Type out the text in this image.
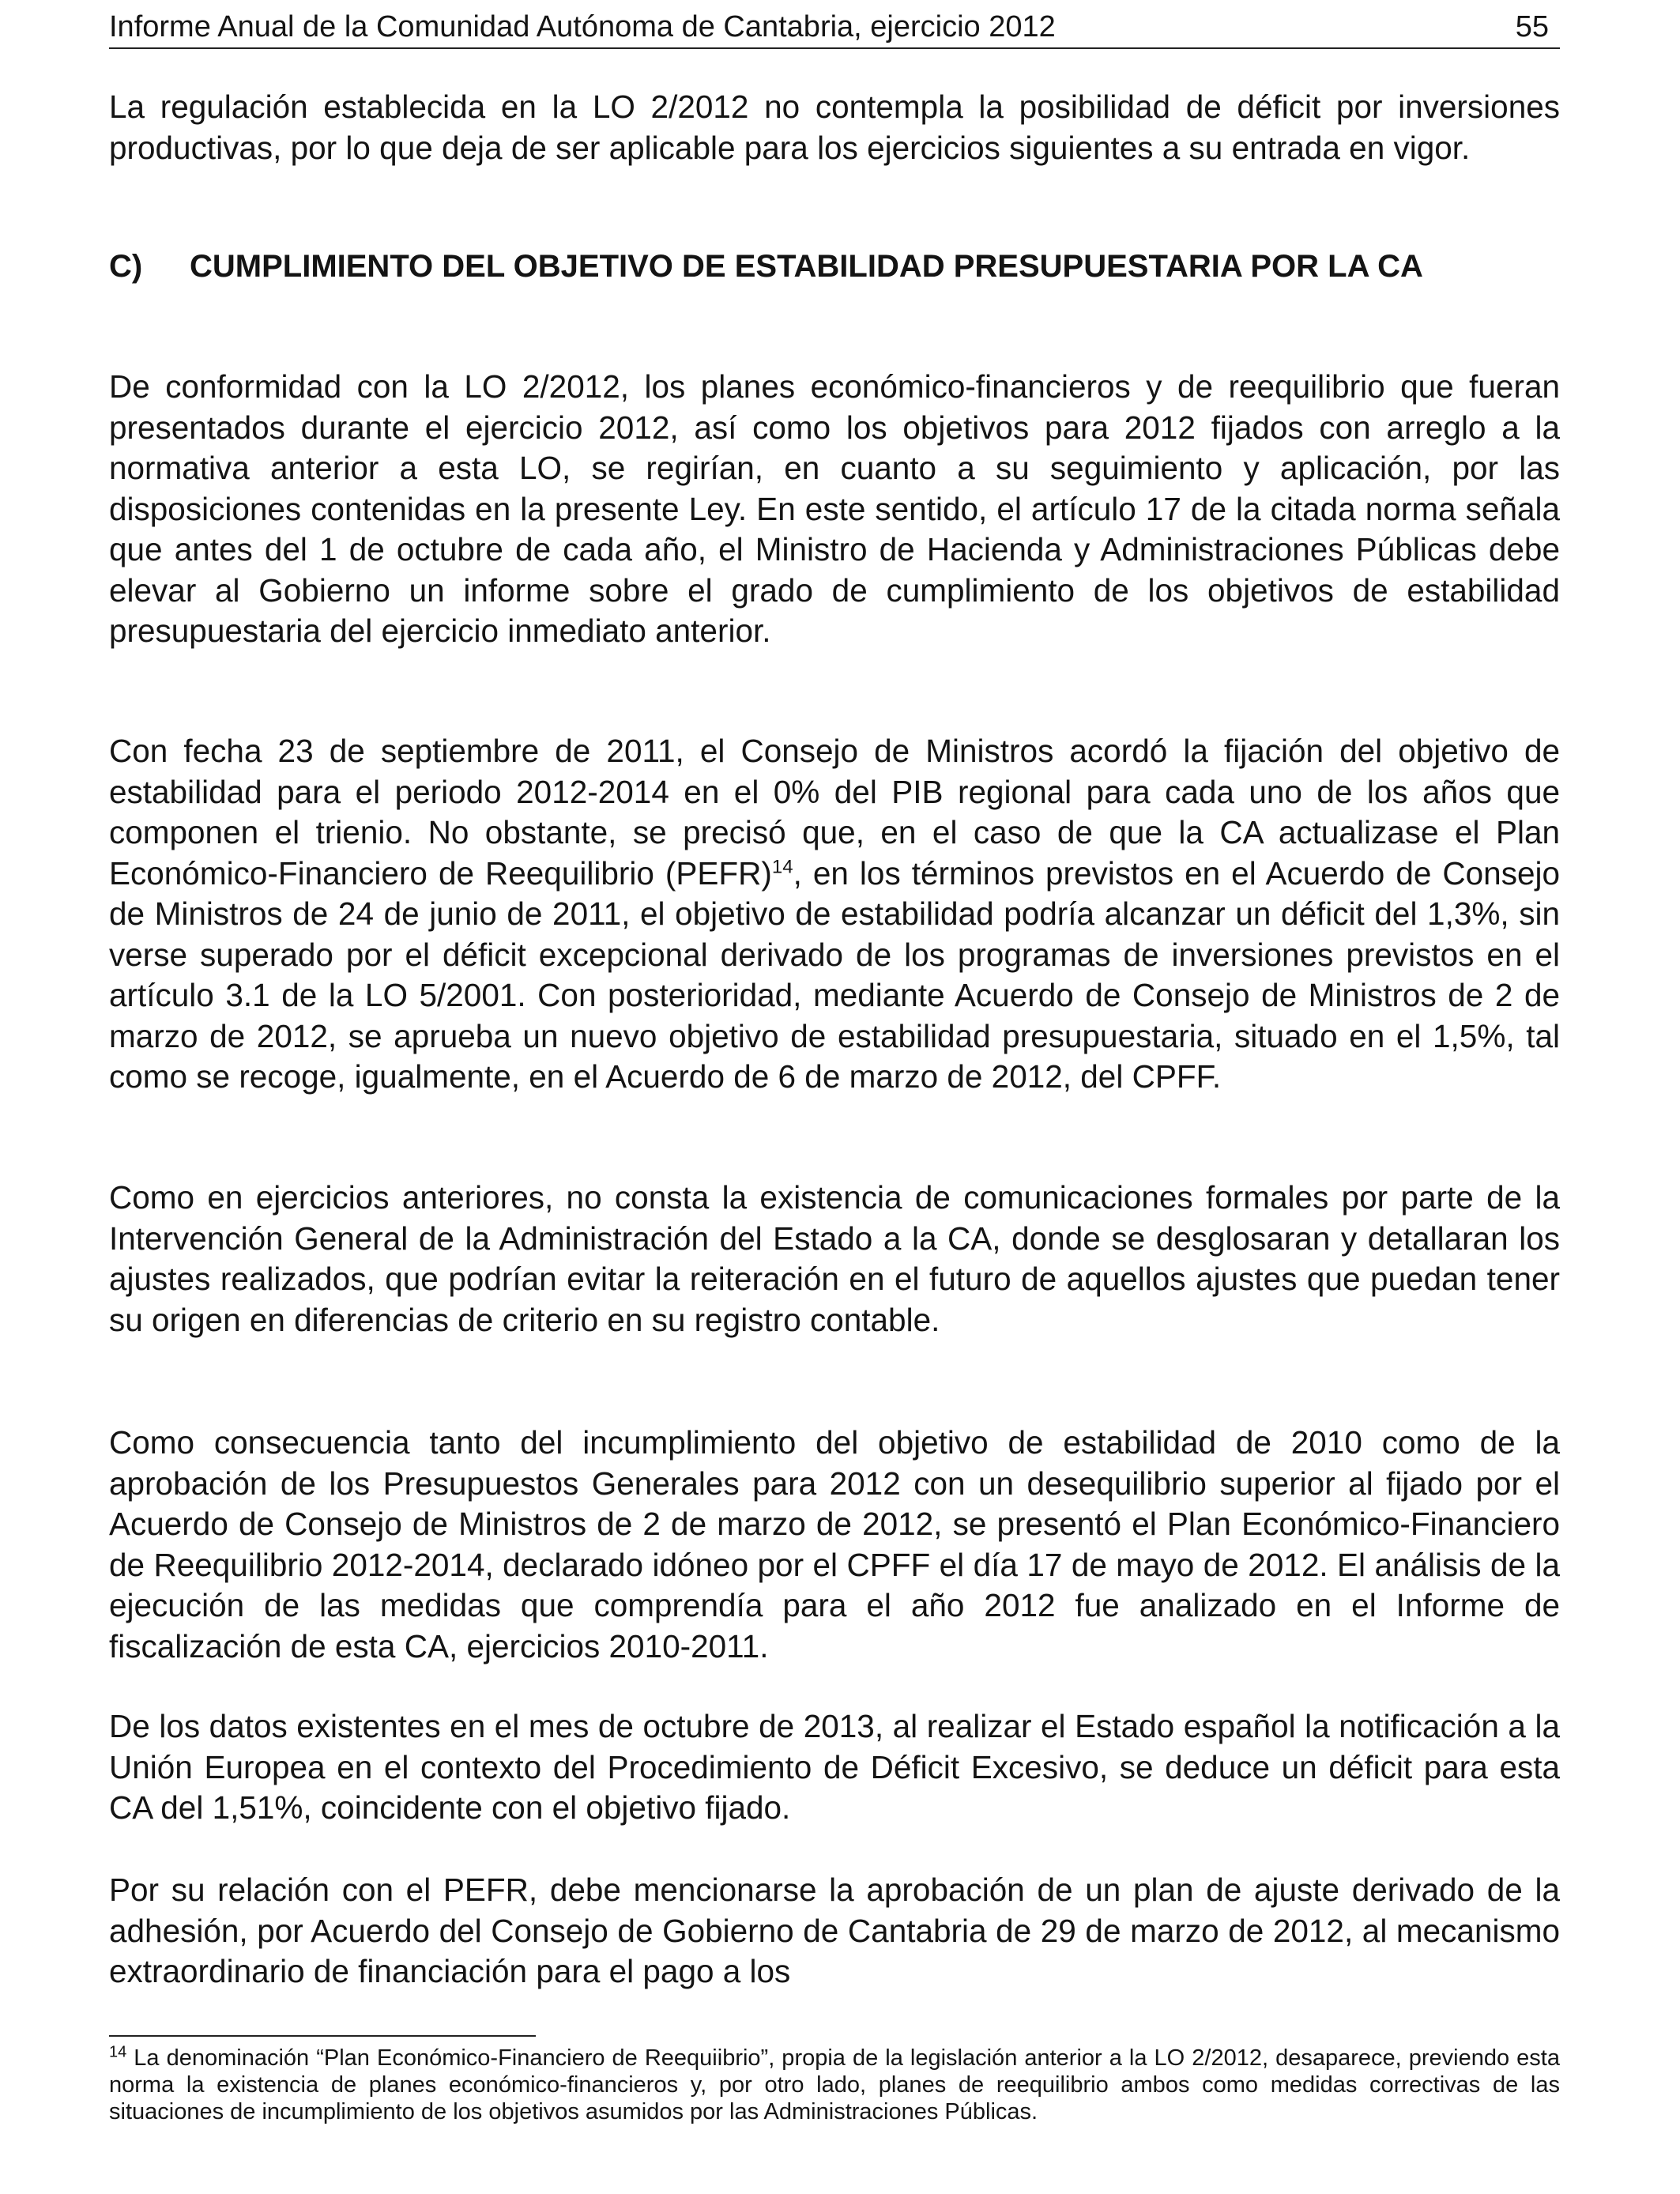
Informe Anual de la Comunidad Autónoma de Cantabria, ejercicio 2012	55

La regulación establecida en la LO 2/2012 no contempla la posibilidad de déficit por inversiones productivas, por lo que deja de ser aplicable para los ejercicios siguientes a su entrada en vigor.

C) CUMPLIMIENTO DEL OBJETIVO DE ESTABILIDAD PRESUPUESTARIA POR LA CA

De conformidad con la LO 2/2012, los planes económico-financieros y de reequilibrio que fueran presentados durante el ejercicio 2012, así como los objetivos para 2012 fijados con arreglo a la normativa anterior a esta LO, se regirían, en cuanto a su seguimiento y aplicación, por las disposiciones contenidas en la presente Ley. En este sentido, el artículo 17 de la citada norma señala que antes del 1 de octubre de cada año, el Ministro de Hacienda y Administraciones Públicas debe elevar al Gobierno un informe sobre el grado de cumplimiento de los objetivos de estabilidad presupuestaria del ejercicio inmediato anterior.

Con fecha 23 de septiembre de 2011, el Consejo de Ministros acordó la fijación del objetivo de estabilidad para el periodo 2012-2014 en el 0% del PIB regional para cada uno de los años que componen el trienio. No obstante, se precisó que, en el caso de que la CA actualizase el Plan Económico-Financiero de Reequilibrio (PEFR)$^{14}$, en los términos previstos en el Acuerdo de Consejo de Ministros de 24 de junio de 2011, el objetivo de estabilidad podría alcanzar un déficit del 1,3%, sin verse superado por el déficit excepcional derivado de los programas de inversiones previstos en el artículo 3.1 de la LO 5/2001. Con posterioridad, mediante Acuerdo de Consejo de Ministros de 2 de marzo de 2012, se aprueba un nuevo objetivo de estabilidad presupuestaria, situado en el 1,5%, tal como se recoge, igualmente, en el Acuerdo de 6 de marzo de 2012, del CPFF.

Como en ejercicios anteriores, no consta la existencia de comunicaciones formales por parte de la Intervención General de la Administración del Estado a la CA, donde se desglosaran y detallaran los ajustes realizados, que podrían evitar la reiteración en el futuro de aquellos ajustes que puedan tener su origen en diferencias de criterio en su registro contable.

Como consecuencia tanto del incumplimiento del objetivo de estabilidad de 2010 como de la aprobación de los Presupuestos Generales para 2012 con un desequilibrio superior al fijado por el Acuerdo de Consejo de Ministros de 2 de marzo de 2012, se presentó el Plan Económico-Financiero de Reequilibrio 2012-2014, declarado idóneo por el CPFF el día 17 de mayo de 2012. El análisis de la ejecución de las medidas que comprendía para el año 2012 fue analizado en el Informe de fiscalización de esta CA, ejercicios 2010-2011.

De los datos existentes en el mes de octubre de 2013, al realizar el Estado español la notificación a la Unión Europea en el contexto del Procedimiento de Déficit Excesivo, se deduce un déficit para esta CA del 1,51%, coincidente con el objetivo fijado.

Por su relación con el PEFR, debe mencionarse la aprobación de un plan de ajuste derivado de la adhesión, por Acuerdo del Consejo de Gobierno de Cantabria de 29 de marzo de 2012, al mecanismo extraordinario de financiación para el pago a los

$^{14}$ La denominación “Plan Económico-Financiero de Reequiibrio”, propia de la legislación anterior a la LO 2/2012, desaparece, previendo esta norma la existencia de planes económico-financieros y, por otro lado, planes de reequilibrio ambos como medidas correctivas de las situaciones de incumplimiento de los objetivos asumidos por las Administraciones Públicas.
